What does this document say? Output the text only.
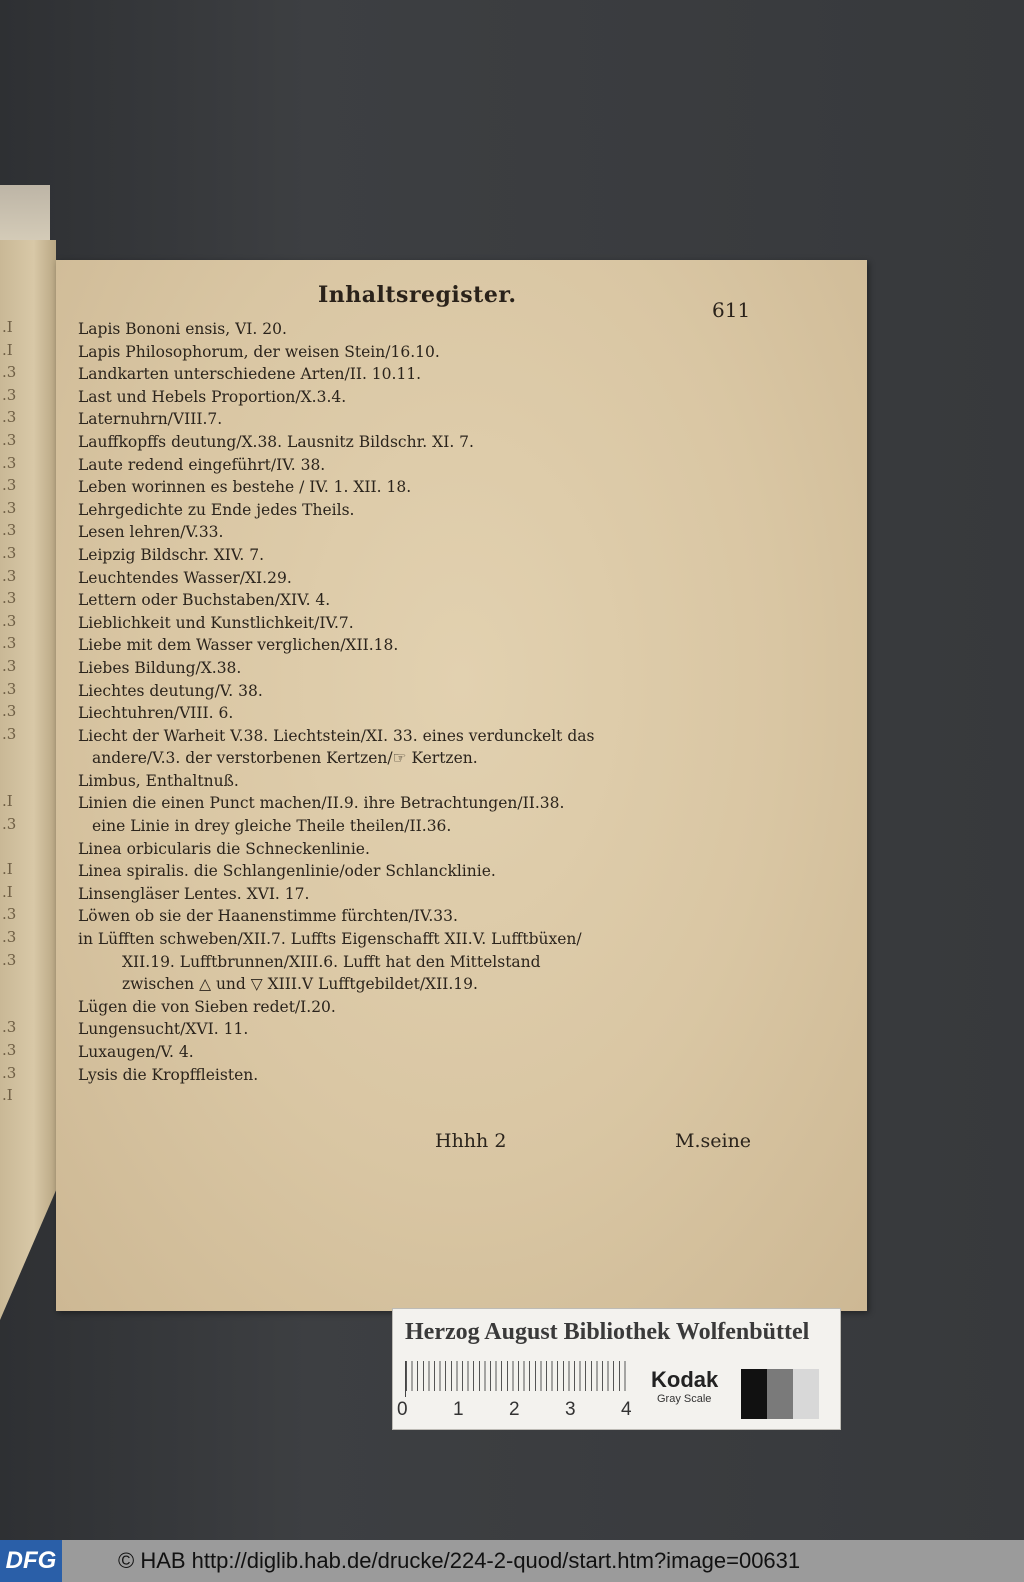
.I
.I
.3
.3
.3
.3
.3
.3
.3
.3
.3
.3
.3
.3
.3
.3
.3
.3
.3

.I
.3

.I
.I
.3
.3
.3

.3
.3
.3
.I
Inhaltsregister.
611
Lapis Bononi ensis, VI. 20.
Lapis Philosophorum, der weisen Stein/16.10.
Landkarten unterschiedene Arten/II. 10.11.
Last und Hebels Proportion/X.3.4.
Laternuhrn/VIII.7.
Lauffkopffs deutung/X.38. Lausnitz Bildschr. XI. 7.
Laute redend eingeführt/IV. 38.
Leben worinnen es bestehe / IV. 1. XII. 18.
Lehrgedichte zu Ende jedes Theils.
Lesen lehren/V.33.
Leipzig Bildschr. XIV. 7.
Leuchtendes Wasser/XI.29.
Lettern oder Buchstaben/XIV. 4.
Lieblichkeit und Kunstlichkeit/IV.7.
Liebe mit dem Wasser verglichen/XII.18.
Liebes Bildung/X.38.
Liechtes deutung/V. 38.
Liechtuhren/VIII. 6.
Liecht der Warheit V.38. Liechtstein/XI. 33. eines verdunckelt das
andere/V.3. der verstorbenen Kertzen/☞ Kertzen.
Limbus, Enthaltnuß.
Linien die einen Punct machen/II.9. ihre Betrachtungen/II.38.
eine Linie in drey gleiche Theile theilen/II.36.
Linea orbicularis die Schneckenlinie.
Linea spiralis. die Schlangenlinie/oder Schlancklinie.
Linsengläser Lentes. XVI. 17.
Löwen ob sie der Haanenstimme fürchten/IV.33.
in Lüfften schweben/XII.7. Luffts Eigenschafft XII.V. Lufftbüxen/
XII.19. Lufftbrunnen/XIII.6. Lufft hat den Mittelstand
zwischen △ und ▽ XIII.V Lufftgebildet/XII.19.
Lügen die von Sieben redet/I.20.
Lungensucht/XVI. 11.
Luxaugen/V. 4.
Lysis die Kropffleisten.
Hhhh 2	M.seine
Herzog August Bibliothek Wolfenbüttel
0 1 2 3 4
Kodak
Gray Scale
DFG	© HAB http://diglib.hab.de/drucke/224-2-quod/start.htm?image=00631
